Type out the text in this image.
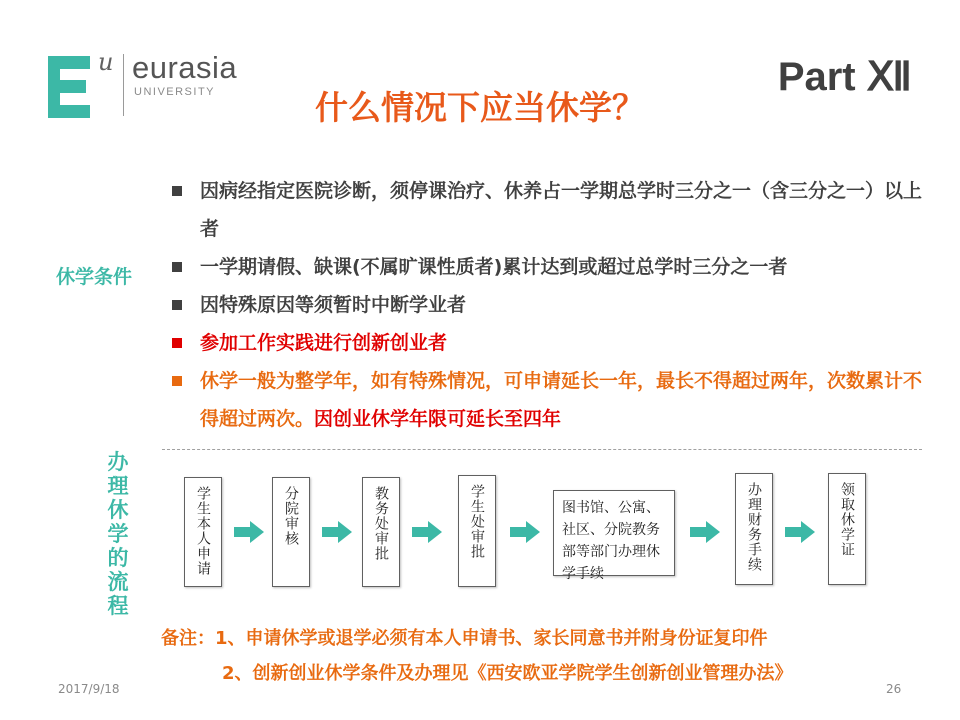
u eurasia
UNIVERSITY	Part Ⅻ
什么情况下应当休学？
休学条件
因病经指定医院诊断，须停课治疗、休养占一学期总学时三分之一（含三分之一）以上者
一学期请假、缺课(不属旷课性质者)累计达到或超过总学时三分之一者
因特殊原因等须暂时中断学业者
参加工作实践进行创新创业者
休学一般为整学年，如有特殊情况，可申请延长一年，最长不得超过两年，次数累计不得超过两次。因创业休学年限可延长至四年
办理休学的流程
学生本人申请	分院审核	教务处审批	学生处审批	图书馆、公寓、社区、分院教务部等部门办理休学手续
办理财务手续	领取休学证
备注：1、申请休学或退学必须有本人申请书、家长同意书并附身份证复印件
2、创新创业休学条件及办理见《西安欧亚学院学生创新创业管理办法》
2017/9/18	26
